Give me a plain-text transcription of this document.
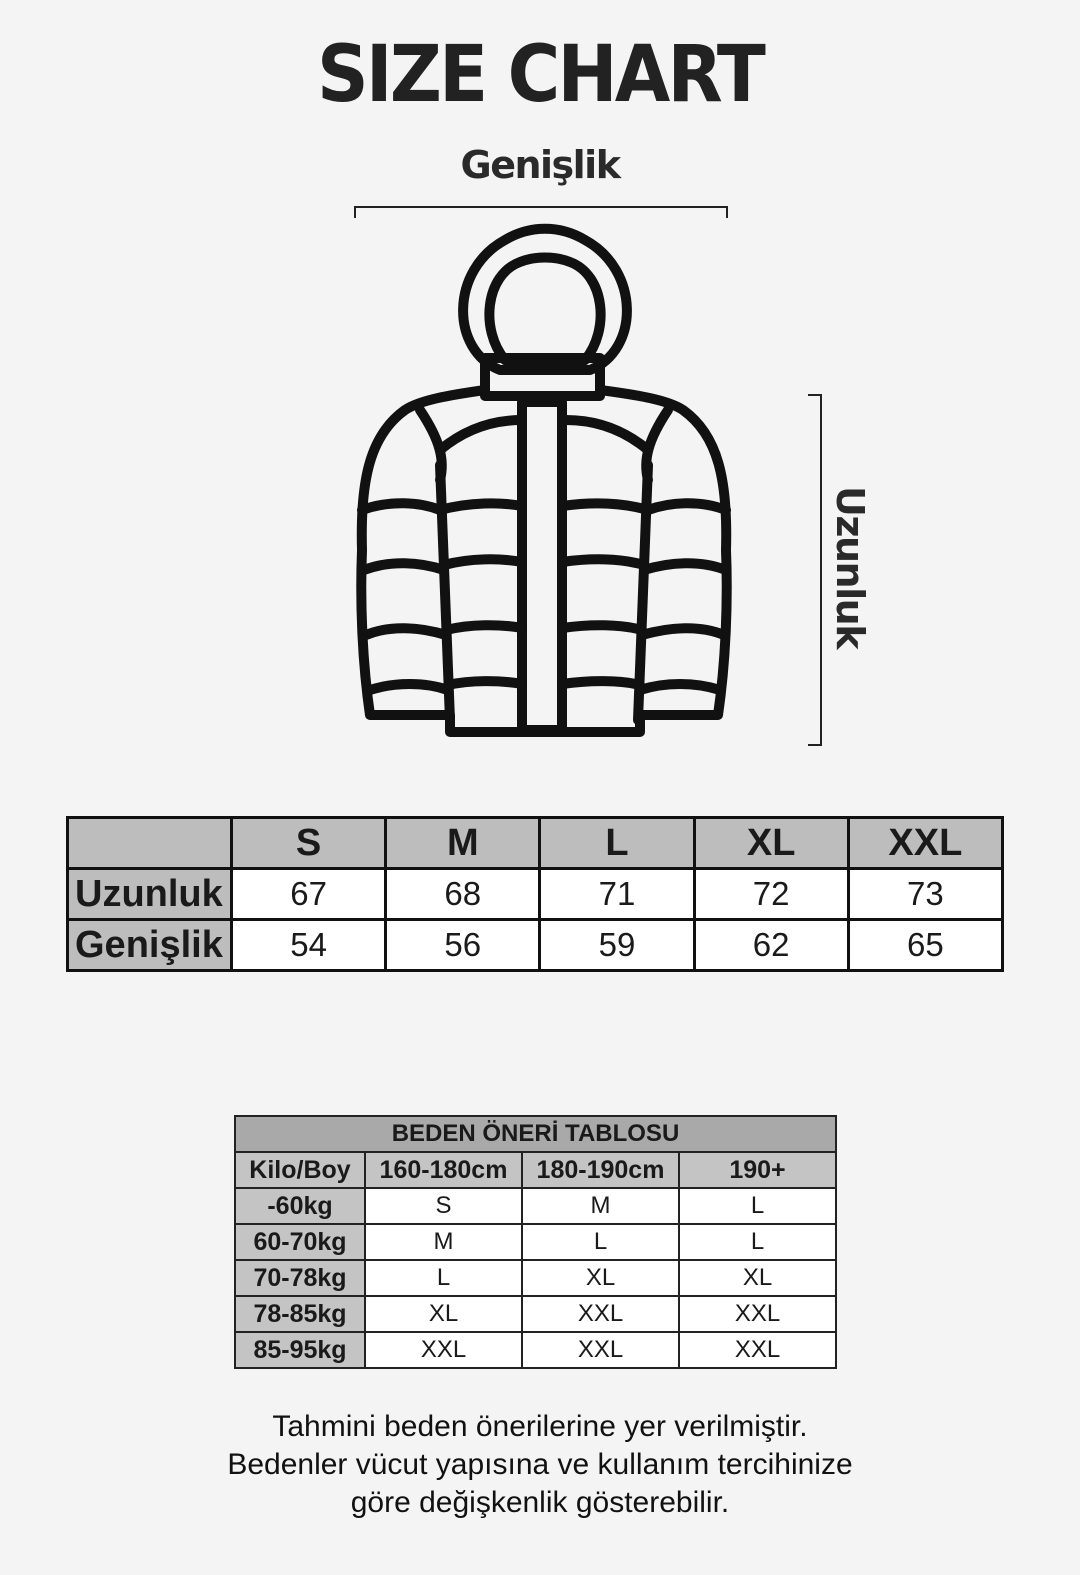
SIZE CHART
Genişlik
Uzunluk
	S	M	L	XL	XXL
Uzunluk	67	68	71	72	73
Genişlik	54	56	59	62	65
BEDEN ÖNERİ TABLOSU			
Kilo/Boy	160-180cm	180-190cm	190+
-60kg	S	M	L
60-70kg	M	L	L
70-78kg	L	XL	XL
78-85kg	XL	XXL	XXL
85-95kg	XXL	XXL	XXL
Tahmini beden önerilerine yer verilmiştir.
Bedenler vücut yapısına ve kullanım tercihinize
göre değişkenlik gösterebilir.
